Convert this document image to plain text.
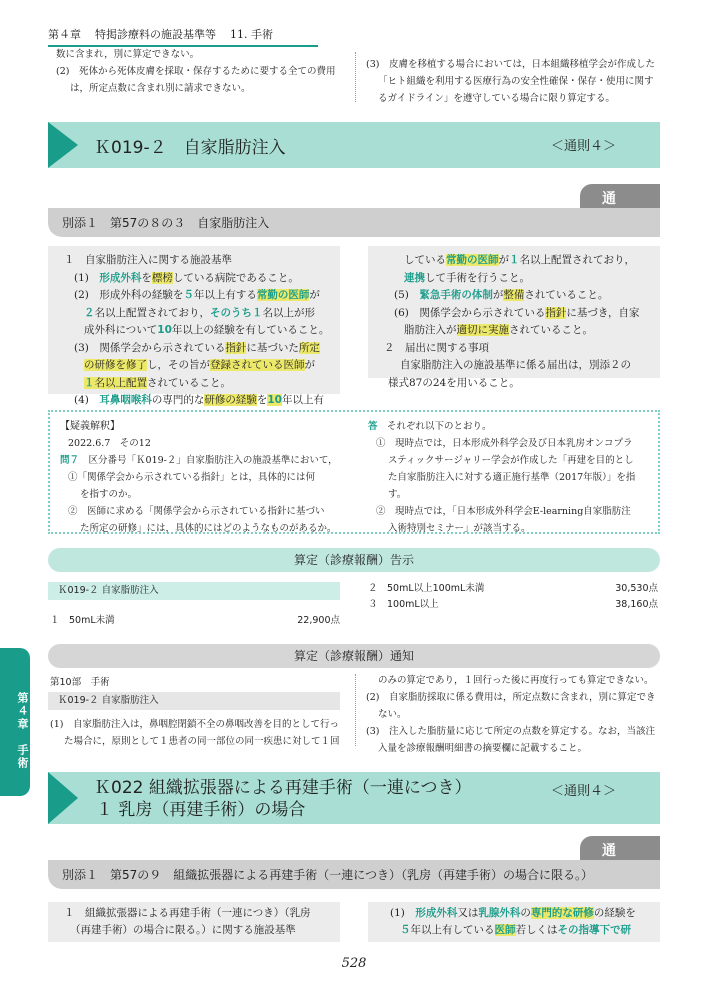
第４章 特掲診療料の施設基準等 11. 手術
数に含まれ，別に算定できない。
(2)　死体から死体皮膚を採取・保存するために要する全ての費用
は，所定点数に含まれ別に請求できない。
(3)　皮膚を移植する場合においては，日本組織移植学会が作成した
「ヒト組織を利用する医療行為の安全性確保・保存・使用に関す
るガイドライン」を遵守している場合に限り算定する。
Ｋ019-２　自家脂肪注入	＜通則４＞
通　
別添１　第57の８の３　自家脂肪注入
１　自家脂肪注入に関する施設基準
(1)　 形成外科を標榜している病院であること。
(2)　形成外科の経験を５年以上有する常勤の医師が
２名以上配置されており，そのうち１名以上が形
成外科について10年以上の経験を有していること。
(3)　関係学会から示されている指針に基づいた所定
の研修を修了し，その旨が登録されている医師が
１名以上配置されていること。
(4)　 耳鼻咽喉科の専門的な研修の経験を10年以上有
している常勤の医師が１名以上配置されており，
連携して手術を行うこと。
(5)　 緊急手術の体制が整備されていること。
(6)　関係学会から示されている指針に基づき，自家
脂肪注入が適切に実施されていること。
２　届出に関する事項
自家脂肪注入の施設基準に係る届出は，別添２の
様式87の24を用いること。
【疑義解釈】
2022.6.7　その12
問７　 区分番号「Ｋ019-２」自家脂肪注入の施設基準において，
①「関係学会から示されている指針」とは，具体的には何
を指すのか。
②　医師に求める「関係学会から示されている指針に基づい
た所定の研修」には，具体的にはどのようなものがあるか。
答　 それぞれ以下のとおり。
①　現時点では，日本形成外科学会及び日本乳房オンコプラ
スティックサージャリー学会が作成した「再建を目的とし
た自家脂肪注入に対する適正施行基準（2017年版）」を指
す。
②　現時点では，「日本形成外科学会E-learning自家脂肪注
入術特別セミナー」が該当する。
算定（診療報酬）告示
Ｋ019-２ 自家脂肪注入
１　50mL未満	22,900点
２　50mL以上100mL未満	30,530点
３　100mL以上	38,160点
算定（診療報酬）通知
第10部　手術
Ｋ019-２ 自家脂肪注入
(1)　自家脂肪注入は，鼻咽腔閉鎖不全の鼻咽改善を目的として行っ
た場合に，原則として１患者の同一部位の同一疾患に対して１回
のみの算定であり，１回行った後に再度行っても算定できない。
(2)　自家脂肪採取に係る費用は，所定点数に含まれ，別に算定でき
ない。
(3)　注入した脂肪量に応じて所定の点数を算定する。なお，当該注
入量を診療報酬明細書の摘要欄に記載すること。
第４章　手術
Ｋ022 組織拡張器による再建手術（一連につき）
１ 乳房（再建手術）の場合
＜通則４＞
通　
別添１　第57の９　組織拡張器による再建手術（一連につき）（乳房（再建手術）の場合に限る。）
１　組織拡張器による再建手術（一連につき）（乳房
（再建手術）の場合に限る。）に関する施設基準
(1)　 形成外科又は乳腺外科の専門的な研修の経験を
５年以上有している医師若しくはその指導下で研
528
